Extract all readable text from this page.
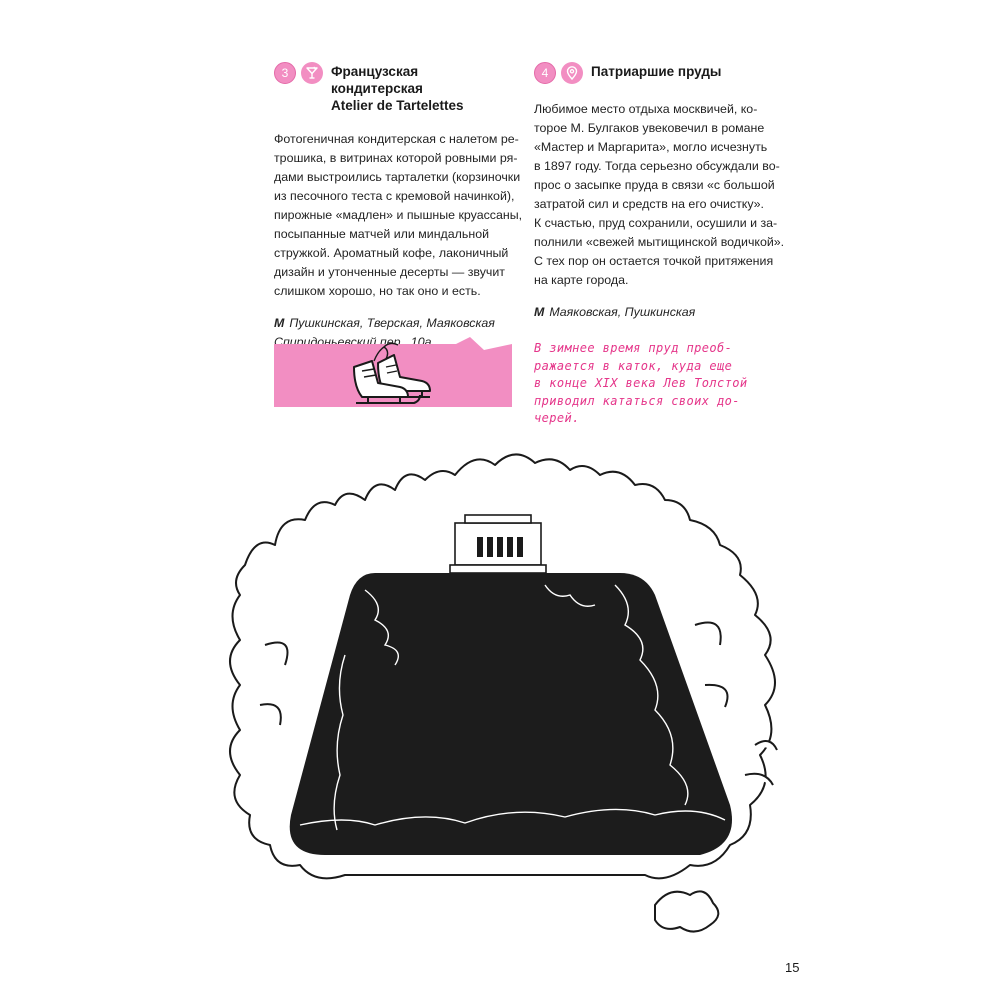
3	Французская кондитерская
Atelier de Tartelettes
Фотогеничная кондитерская с налетом ре-
трошика, в витринах которой ровными ря-
дами выстроились тарталетки (корзиночки
из песочного теста с кремовой начинкой),
пирожные «мадлен» и пышные круассаны,
посыпанные матчей или миндальной
стружкой. Ароматный кофе, лаконичный
дизайн и утонченные десерты — звучит
слишком хорошо, но так оно и есть.
М Пушкинская, Тверская, Маяковская
Спиридоньевский пер., 10а
4	Патриаршие пруды
Любимое место отдыха москвичей, ко-
торое М. Булгаков увековечил в романе
«Мастер и Маргарита», могло исчезнуть
в 1897 году. Тогда серьезно обсуждали во-
прос о засыпке пруда в связи «с большой
затратой сил и средств на его очистку».
К счастью, пруд сохранили, осушили и за-
полнили «свежей мытищинской водичкой».
С тех пор он остается точкой притяжения
на карте города.
М Маяковская, Пушкинская
В зимнее время пруд преоб-
ражается в каток, куда еще
в конце XIX века Лев Толстой
приводил кататься своих до-
черей.
15
